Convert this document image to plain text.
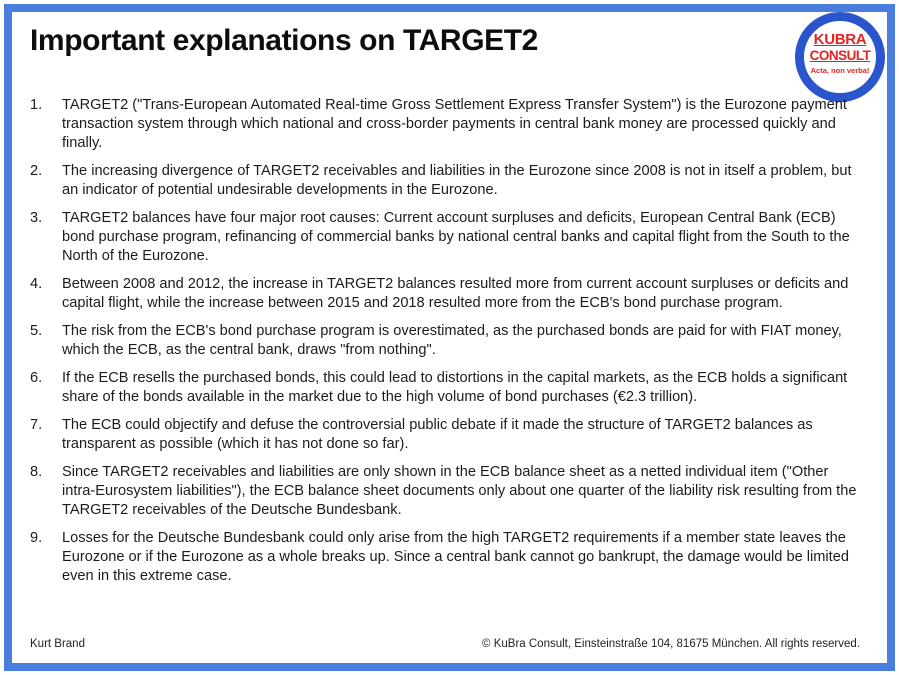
Important explanations on TARGET2	KUBRA
CONSULT
Acta, non verba!
1.	TARGET2 ("Trans-European Automated Real-time Gross Settlement Express Transfer System") is the Eurozone payment transaction system through which national and cross-border payments in central bank money are processed quickly and finally.
2.	The increasing divergence of TARGET2 receivables and liabilities in the Eurozone since 2008 is not in itself a problem, but an indicator of potential undesirable developments in the Eurozone.
3.	TARGET2 balances have four major root causes: Current account surpluses and deficits, European Central Bank (ECB) bond purchase program, refinancing of commercial banks by national central banks and capital flight from the South to the North of the Eurozone.
4.	Between 2008 and 2012, the increase in TARGET2 balances resulted more from current account surpluses or deficits and capital flight, while the increase between 2015 and 2018 resulted more from the ECB's bond purchase program.
5.	The risk from the ECB's bond purchase program is overestimated, as the purchased bonds are paid for with FIAT money, which the ECB, as the central bank, draws "from nothing".
6.	If the ECB resells the purchased bonds, this could lead to distortions in the capital markets, as the ECB holds a significant share of the bonds available in the market due to the high volume of bond purchases (€2.3 trillion).
7.	The ECB could objectify and defuse the controversial public debate if it made the structure of TARGET2 balances as transparent as possible (which it has not done so far).
8.	Since TARGET2 receivables and liabilities are only shown in the ECB balance sheet as a netted individual item ("Other intra-Eurosystem liabilities"), the ECB balance sheet documents only about one quarter of the liability risk resulting from the TARGET2 receivables of the Deutsche Bundesbank.
9.	Losses for the Deutsche Bundesbank could only arise from the high TARGET2 requirements if a member state leaves the Eurozone or if the Eurozone as a whole breaks up. Since a central bank cannot go bankrupt, the damage would be limited even in this extreme case.
Kurt Brand	© KuBra Consult, Einsteinstraße 104, 81675 München. All rights reserved.
